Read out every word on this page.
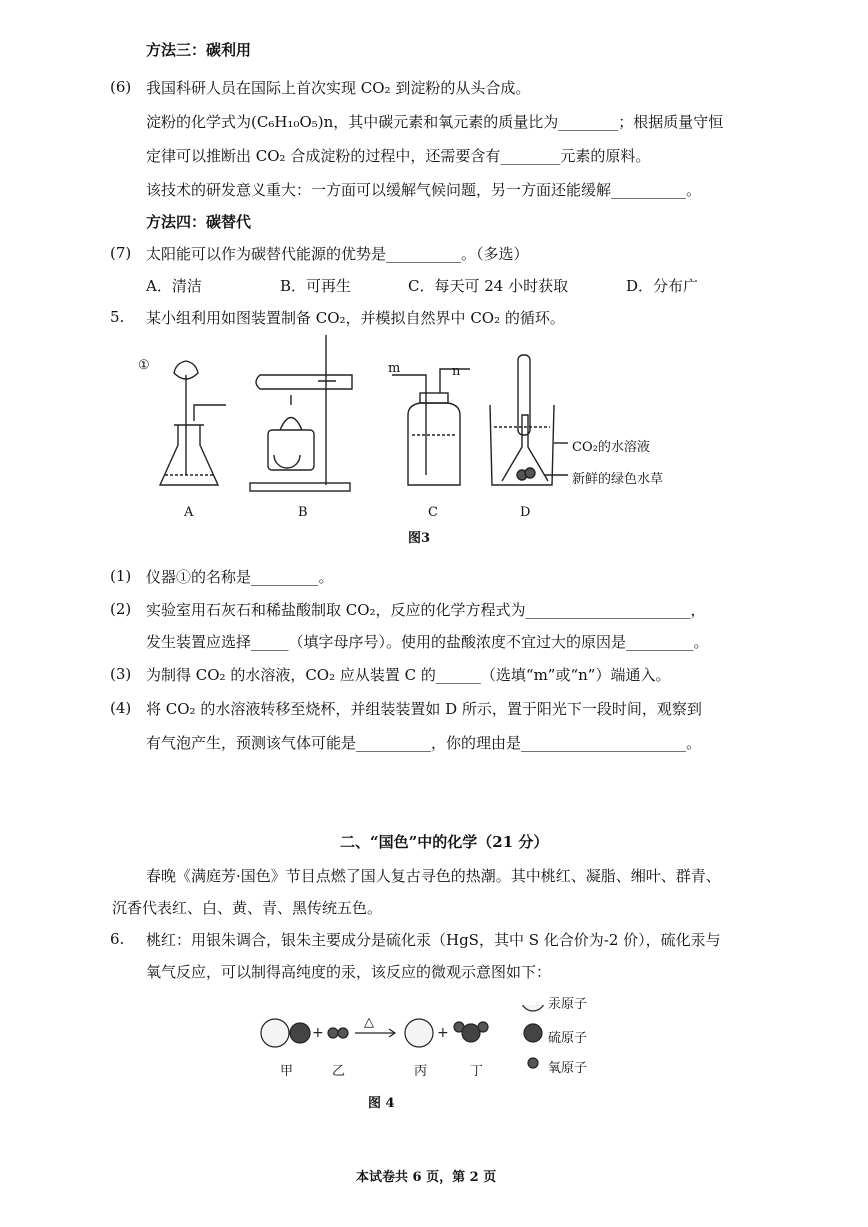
方法三：碳利用
(6) 我国科研人员在国际上首次实现 CO₂ 到淀粉的从头合成。
淀粉的化学式为(C₆H₁₀O₅)n，其中碳元素和氧元素的质量比为________；根据质量守恒
定律可以推断出 CO₂ 合成淀粉的过程中，还需要含有________元素的原料。
该技术的研发意义重大：一方面可以缓解气候问题，另一方面还能缓解__________。
方法四：碳替代
(7) 太阳能可以作为碳替代能源的优势是__________。（多选）
A．清洁	B．可再生	C．每天可 24 小时获取	D．分布广
5. 某小组利用如图装置制备 CO₂，并模拟自然界中 CO₂ 的循环。
①	m	n
CO₂的水溶液
新鲜的绿色水草
A	B	C	D
图3
(1) 仪器①的名称是_________。
(2) 实验室用石灰石和稀盐酸制取 CO₂，反应的化学方程式为______________________，
发生装置应选择_____（填字母序号）。使用的盐酸浓度不宜过大的原因是_________。
(3) 为制得 CO₂ 的水溶液，CO₂ 应从装置 C 的______（选填“m”或“n”）端通入。
(4) 将 CO₂ 的水溶液转移至烧杯，并组装装置如 D 所示，置于阳光下一段时间，观察到
有气泡产生，预测该气体可能是__________，你的理由是______________________。
二、“国色”中的化学（21 分）
春晚《满庭芳·国色》节目点燃了国人复古寻色的热潮。其中桃红、凝脂、缃叶、群青、
沉香代表红、白、黄、青、黑传统五色。
6. 桃红：用银朱调合，银朱主要成分是硫化汞（HgS，其中 S 化合价为-2 价），硫化汞与
氧气反应，可以制得高纯度的汞，该反应的微观示意图如下：
+	+
△
汞原子
硫原子
氧原子
甲	乙	丙	丁
图 4
本试卷共 6 页，第 2 页
